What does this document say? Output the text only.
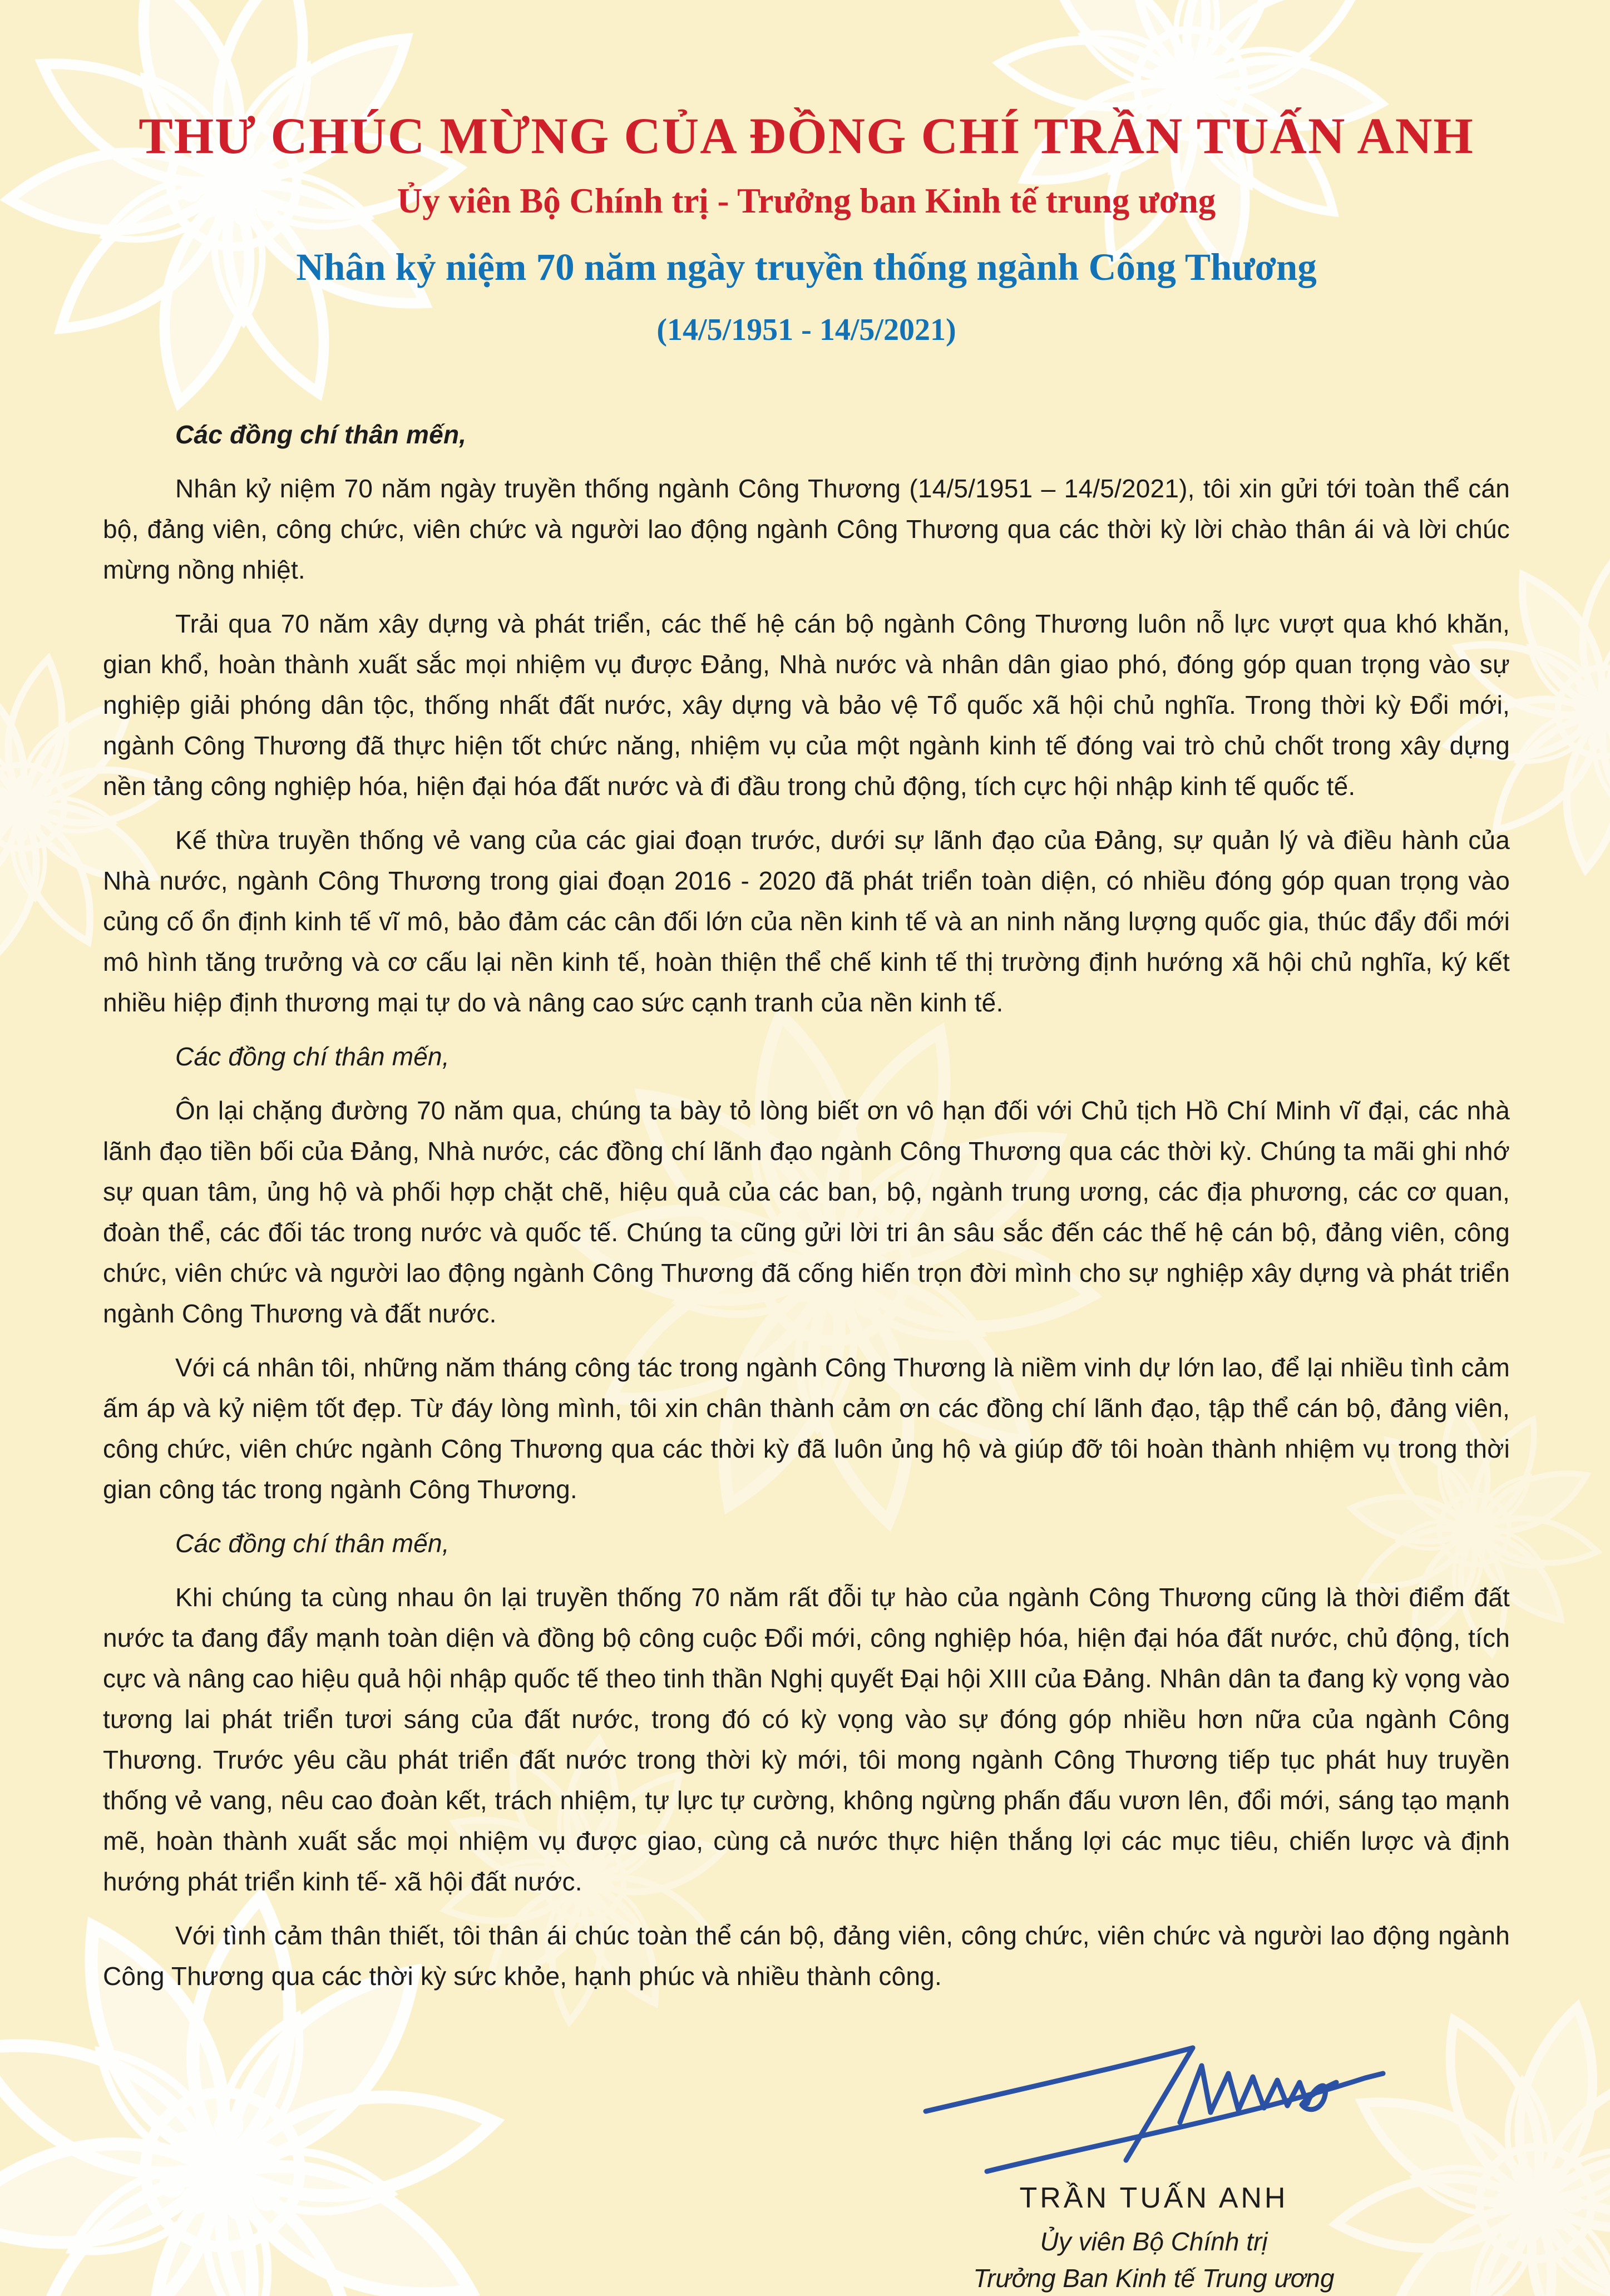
THƯ CHÚC MỪNG CỦA ĐỒNG CHÍ TRẦN TUẤN ANH
Ủy viên Bộ Chính trị - Trưởng ban Kinh tế trung ương
Nhân kỷ niệm 70 năm ngày truyền thống ngành Công Thương
(14/5/1951 - 14/5/2021)

Các đồng chí thân mến,

Nhân kỷ niệm 70 năm ngày truyền thống ngành Công Thương (14/5/1951 – 14/5/2021), tôi xin gửi tới toàn thể cán bộ, đảng viên, công chức, viên chức và người lao động ngành Công Thương qua các thời kỳ lời chào thân ái và lời chúc mừng nồng nhiệt.

Trải qua 70 năm xây dựng và phát triển, các thế hệ cán bộ ngành Công Thương luôn nỗ lực vượt qua khó khăn, gian khổ, hoàn thành xuất sắc mọi nhiệm vụ được Đảng, Nhà nước và nhân dân giao phó, đóng góp quan trọng vào sự nghiệp giải phóng dân tộc, thống nhất đất nước, xây dựng và bảo vệ Tổ quốc xã hội chủ nghĩa. Trong thời kỳ Đổi mới, ngành Công Thương đã thực hiện tốt chức năng, nhiệm vụ của một ngành kinh tế đóng vai trò chủ chốt trong xây dựng nền tảng công nghiệp hóa, hiện đại hóa đất nước và đi đầu trong chủ động, tích cực hội nhập kinh tế quốc tế.

Kế thừa truyền thống vẻ vang của các giai đoạn trước, dưới sự lãnh đạo của Đảng, sự quản lý và điều hành của Nhà nước, ngành Công Thương trong giai đoạn 2016 - 2020 đã phát triển toàn diện, có nhiều đóng góp quan trọng vào củng cố ổn định kinh tế vĩ mô, bảo đảm các cân đối lớn của nền kinh tế và an ninh năng lượng quốc gia, thúc đẩy đổi mới mô hình tăng trưởng và cơ cấu lại nền kinh tế, hoàn thiện thể chế kinh tế thị trường định hướng xã hội chủ nghĩa, ký kết nhiều hiệp định thương mại tự do và nâng cao sức cạnh tranh của nền kinh tế.

Các đồng chí thân mến,

Ôn lại chặng đường 70 năm qua, chúng ta bày tỏ lòng biết ơn vô hạn đối với Chủ tịch Hồ Chí Minh vĩ đại, các nhà lãnh đạo tiền bối của Đảng, Nhà nước, các đồng chí lãnh đạo ngành Công Thương qua các thời kỳ. Chúng ta mãi ghi nhớ sự quan tâm, ủng hộ và phối hợp chặt chẽ, hiệu quả của các ban, bộ, ngành trung ương, các địa phương, các cơ quan, đoàn thể, các đối tác trong nước và quốc tế. Chúng ta cũng gửi lời tri ân sâu sắc đến các thế hệ cán bộ, đảng viên, công chức, viên chức và người lao động ngành Công Thương đã cống hiến trọn đời mình cho sự nghiệp xây dựng và phát triển ngành Công Thương và đất nước.

Với cá nhân tôi, những năm tháng công tác trong ngành Công Thương là niềm vinh dự lớn lao, để lại nhiều tình cảm ấm áp và kỷ niệm tốt đẹp. Từ đáy lòng mình, tôi xin chân thành cảm ơn các đồng chí lãnh đạo, tập thể cán bộ, đảng viên, công chức, viên chức ngành Công Thương qua các thời kỳ đã luôn ủng hộ và giúp đỡ tôi hoàn thành nhiệm vụ trong thời gian công tác trong ngành Công Thương.

Các đồng chí thân mến,

Khi chúng ta cùng nhau ôn lại truyền thống 70 năm rất đỗi tự hào của ngành Công Thương cũng là thời điểm đất nước ta đang đẩy mạnh toàn diện và đồng bộ công cuộc Đổi mới, công nghiệp hóa, hiện đại hóa đất nước, chủ động, tích cực và nâng cao hiệu quả hội nhập quốc tế theo tinh thần Nghị quyết Đại hội XIII của Đảng. Nhân dân ta đang kỳ vọng vào tương lai phát triển tươi sáng của đất nước, trong đó có kỳ vọng vào sự đóng góp nhiều hơn nữa của ngành Công Thương. Trước yêu cầu phát triển đất nước trong thời kỳ mới, tôi mong ngành Công Thương tiếp tục phát huy truyền thống vẻ vang, nêu cao đoàn kết, trách nhiệm, tự lực tự cường, không ngừng phấn đấu vươn lên, đổi mới, sáng tạo mạnh mẽ, hoàn thành xuất sắc mọi nhiệm vụ được giao, cùng cả nước thực hiện thắng lợi các mục tiêu, chiến lược và định hướng phát triển kinh tế- xã hội đất nước.

Với tình cảm thân thiết, tôi thân ái chúc toàn thể cán bộ, đảng viên, công chức, viên chức và người lao động ngành Công Thương qua các thời kỳ sức khỏe, hạnh phúc và nhiều thành công.

TRẦN TUẤN ANH
Ủy viên Bộ Chính trị
Trưởng Ban Kinh tế Trung ương
